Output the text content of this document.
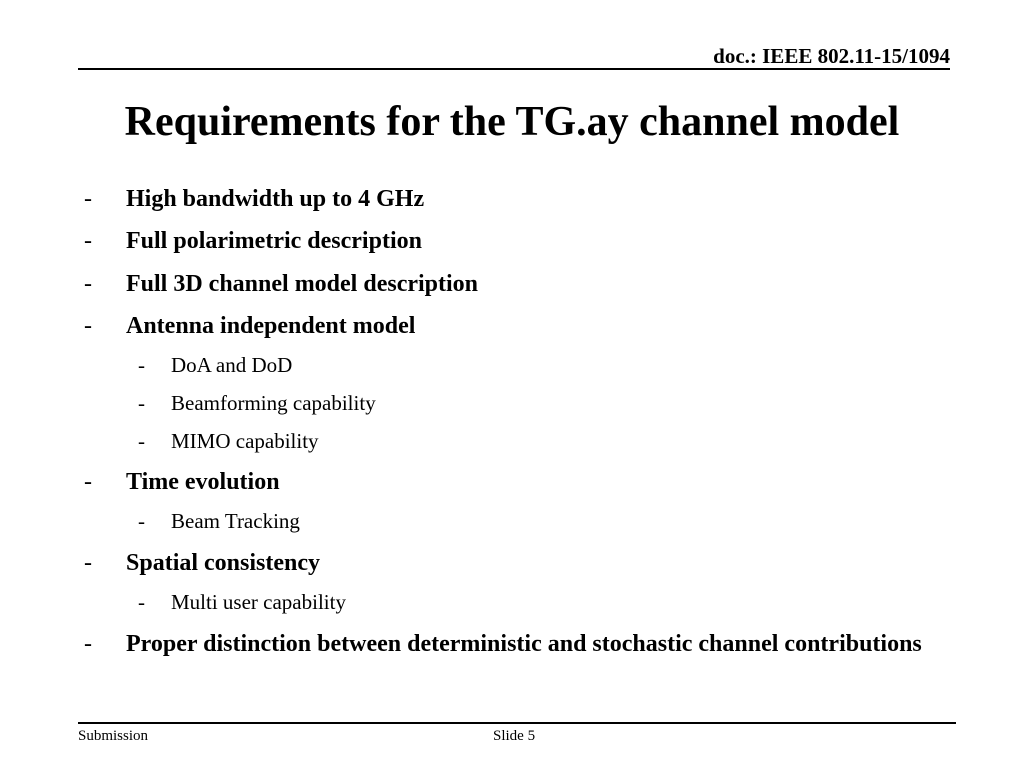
doc.: IEEE 802.11-15/1094
Requirements for the TG.ay channel model
- High bandwidth up to 4 GHz
- Full polarimetric description
- Full 3D channel model description
- Antenna independent model
- DoA and DoD
- Beamforming capability
- MIMO capability
- Time evolution
- Beam Tracking
- Spatial consistency
- Multi user capability
-	Proper distinction between deterministic and stochastic channel contributions
Submission	Slide 5
